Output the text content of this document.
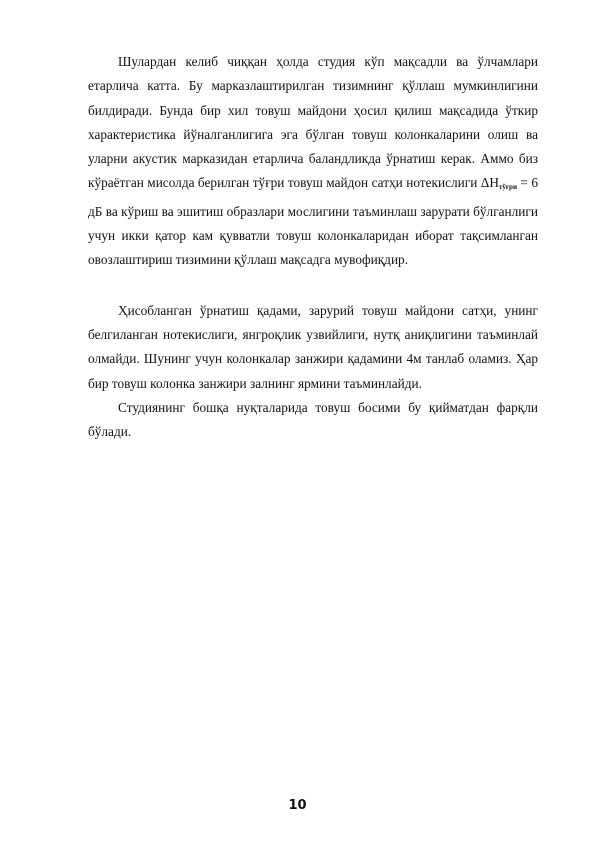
Шулардан келиб чиққан ҳолда студия кўп мақсадли ва ўлчамлари етарлича катта. Бу марказлаштирилган тизимнинг қўллаш мумкинлигини билдиради. Бунда бир хил товуш майдони ҳосил қилиш мақсадида ўткир характеристика йўналганлигига эга бўлган товуш колонкаларини олиш ва уларни акустик марказидан етарлича баландликда ўрнатиш керак. Аммо биз кўраётган мисолда берилган тўғри товуш майдон сатҳи нотекислиги $\Delta H_{тўғри} = 6$ дБ ва кўриш ва эшитиш образлари мослигини таъминлаш зарурати бўлганлиги учун икки қатор кам қувватли товуш колонкаларидан иборат тақсимланган овозлаштириш тизимини қўллаш мақсадга мувофиқдир.

Ҳисобланган ўрнатиш қадами, зарурий товуш майдони сатҳи, унинг белгиланган нотекислиги, янгроқлик узвийлиги, нутқ аниқлигини таъминлай олмайди. Шунинг учун колонкалар занжири қадамини 4м танлаб оламиз. Ҳар бир товуш колонка занжири залнинг ярмини таъминлайди.

Студиянинг бошқа нуқталарида товуш босими бу қийматдан фарқли бўлади.

10
